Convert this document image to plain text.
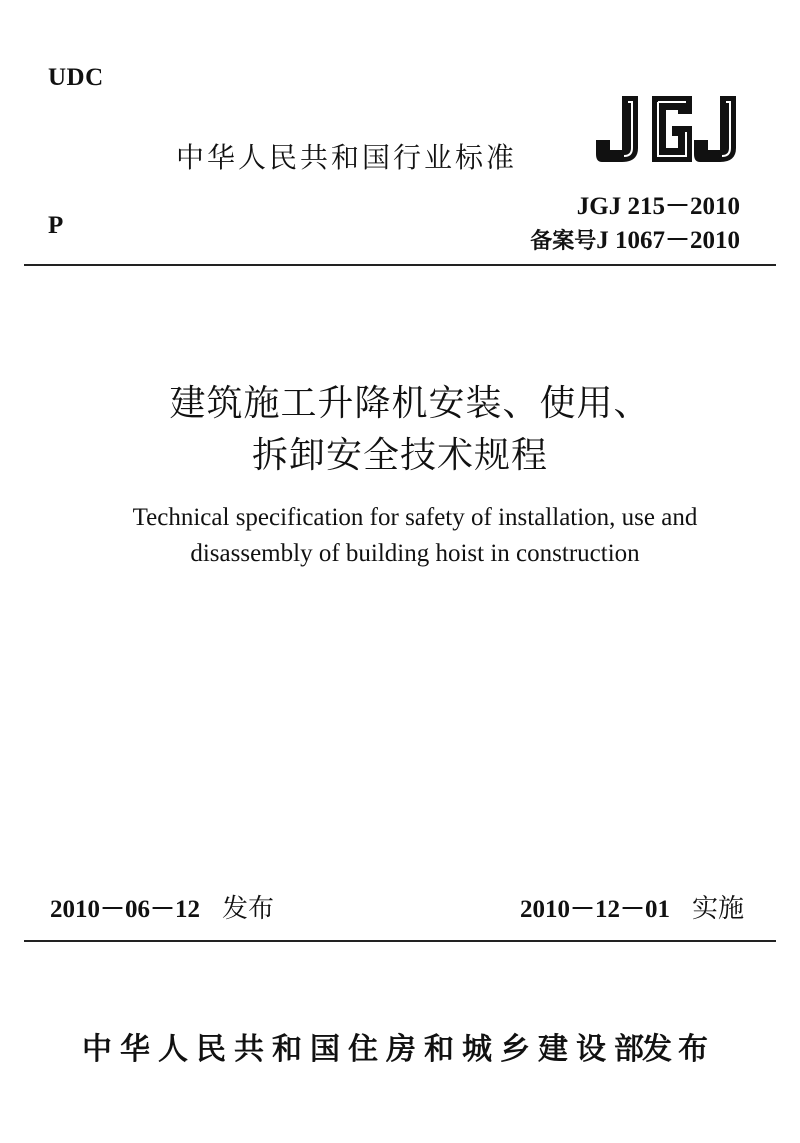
UDC
中华人民共和国行业标准
P
JGJ 215－2010
备案号J 1067－2010
建筑施工升降机安装、使用、
拆卸安全技术规程
Technical specification for safety of installation, use and
disassembly of building hoist in construction
2010－06－12 发布	2010－12－01 实施
中华人民共和国住房和城乡建设部
发布
